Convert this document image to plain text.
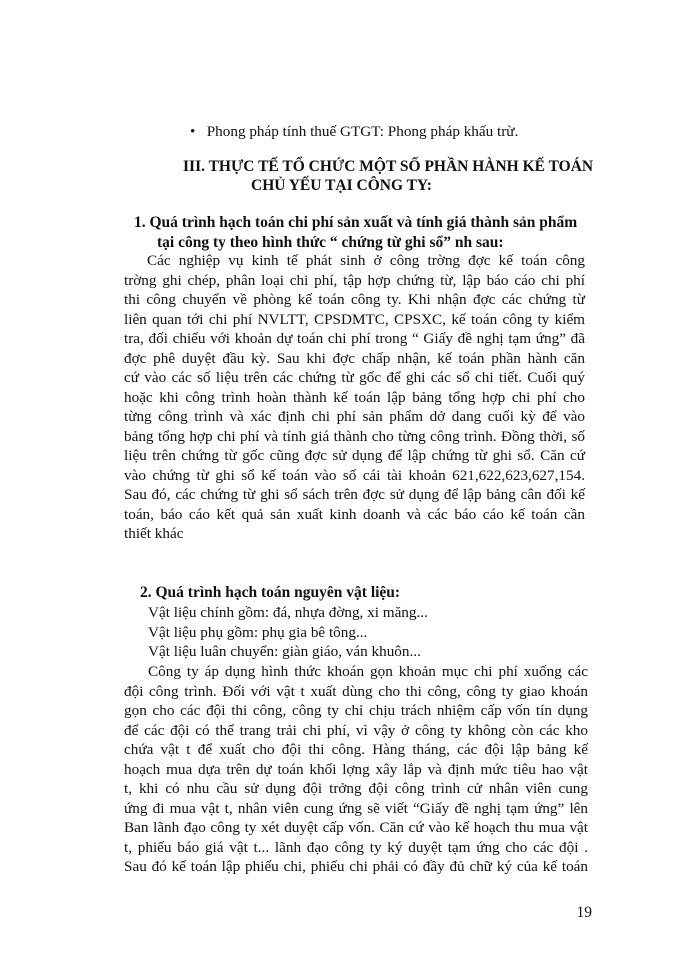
• Phong pháp tính thuế GTGT: Phong pháp khấu trừ.
III. THỰC TẾ TỔ CHỨC MỘT SỐ PHẦN HÀNH KẾ TOÁN
CHỦ YẾU TẠI CÔNG TY:
1. Quá trình hạch toán chi phí sản xuất và tính giá thành sản phẩm
tại công ty theo hình thức “ chứng từ ghi sổ” nh sau:
Các nghiệp vụ kinh tế phát sinh ở công trờng đợc kế toán công
trờng ghi chép, phân loại chi phí, tập hợp chứng từ, lập báo cáo chi phí
thi công chuyển về phòng kế toán công ty. Khi nhận đợc các chứng từ
liên quan tới chi phí NVLTT, CPSDMTC, CPSXC, kế toán công ty kiểm
tra, đối chiếu với khoản dự toán chi phí trong “ Giấy đề nghị tạm ứng” đã
đợc phê duyệt đầu kỳ. Sau khi đợc chấp nhận, kế toán phần hành căn
cứ vào các số liệu trên các chứng từ gốc để ghi các sổ chi tiết. Cuối quý
hoặc khi công trình hoàn thành kế toán lập bảng tổng hợp chi phí cho
từng công trình và xác định chi phí sản phẩm dở dang cuối kỳ để vào
bảng tổng hợp chi phí và tính giá thành cho từng công trình. Đồng thời, số
liệu trên chứng từ gốc cũng đợc sử dụng để lập chứng từ ghi sổ. Căn cứ
vào chứng từ ghi sổ kế toán vào sổ cái tài khoản 621,622,623,627,154.
Sau đó, các chứng từ ghi sổ sách trên đợc sử dụng để lập bảng cân đối kế
toán, báo cáo kết quả sản xuất kinh doanh và các báo cáo kế toán cần
thiết khác
2. Quá trình hạch toán nguyên vật liệu:
Vật liệu chính gồm: đá, nhựa đờng, xi măng...
Vật liệu phụ gồm: phụ gia bê tông...
Vật liệu luân chuyển: giàn giáo, ván khuôn...
Công ty áp dụng hình thức khoán gọn khoản mục chi phí xuống các
đội công trình. Đối với vật t xuất dùng cho thi công, công ty giao khoán
gọn cho các đội thi công, công ty chỉ chịu trách nhiệm cấp vốn tín dụng
để các đội có thể trang trải chi phí, vì vậy ở công ty không còn các kho
chứa vật t để xuất cho đội thi công. Hàng tháng, các đội lập bảng kế
hoạch mua dựa trên dự toán khối lợng xây lắp và định mức tiêu hao vật
t, khi có nhu cầu sử dụng đội trởng đội công trình cử nhân viên cung
ứng đi mua vật t, nhân viên cung ứng sẽ viết “Giấy đề nghị tạm ứng” lên
Ban lãnh đạo công ty xét duyệt cấp vốn. Căn cứ vào kế hoạch thu mua vật
t, phiếu báo giá vật t... lãnh đạo công ty ký duyệt tạm ứng cho các đội .
Sau đó kế toán lập phiếu chi, phiếu chi phải có đầy đủ chữ ký của kế toán
19
